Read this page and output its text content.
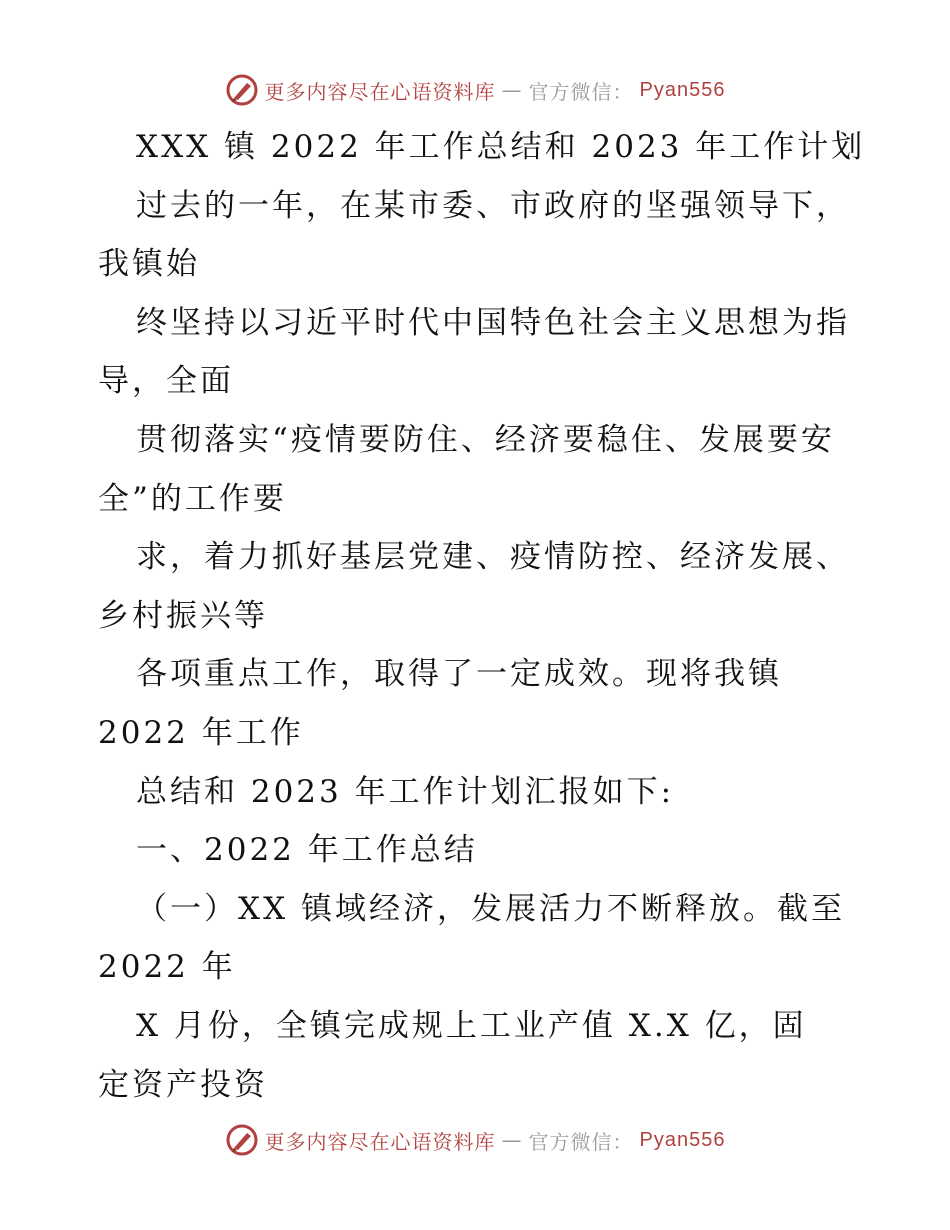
更多内容尽在心语资料库 — 官方微信： Pyan556
XXX 镇 2022 年工作总结和 2023 年工作计划
过去的一年，在某市委、市政府的坚强领导下，
我镇始
终坚持以习近平时代中国特色社会主义思想为指
导，全面
贯彻落实“疫情要防住、经济要稳住、发展要安
全”的工作要
求，着力抓好基层党建、疫情防控、经济发展、
乡村振兴等
各项重点工作，取得了一定成效。现将我镇
2022 年工作
总结和 2023 年工作计划汇报如下:
一、2022 年工作总结
（一）XX 镇域经济，发展活力不断释放。截至
2022 年
X 月份，全镇完成规上工业产值 X.X 亿，固
定资产投资
更多内容尽在心语资料库 — 官方微信： Pyan556
